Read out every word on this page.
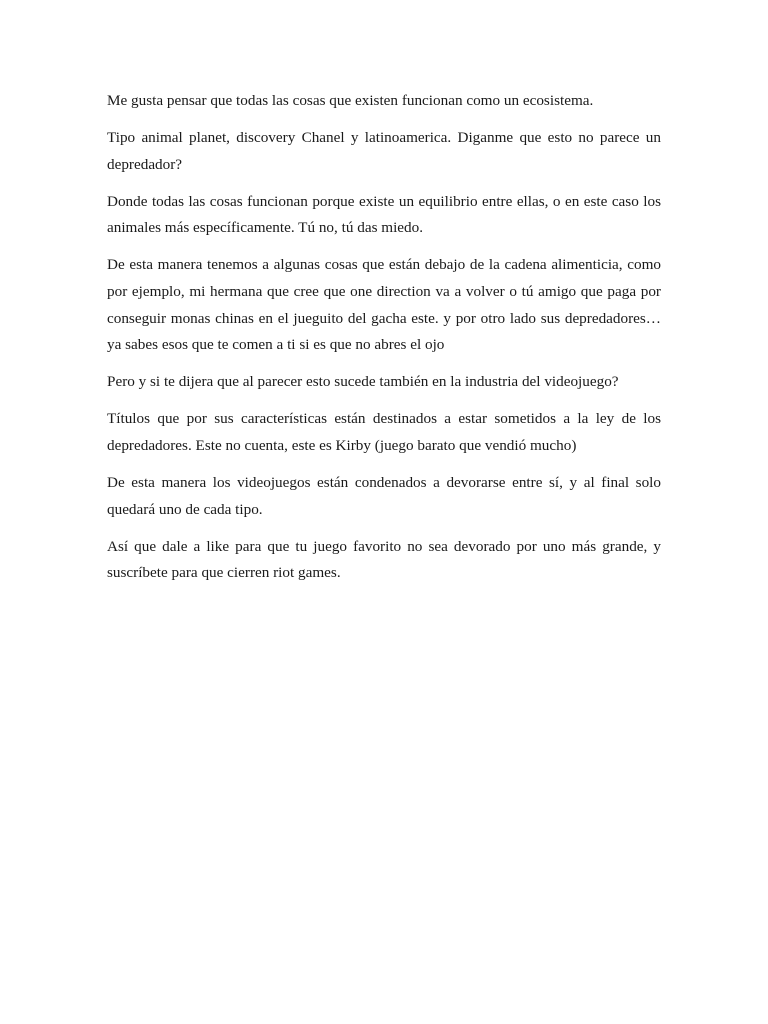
Me gusta pensar que todas las cosas que existen funcionan como un ecosistema.

Tipo animal planet, discovery Chanel y latinoamerica. Diganme que esto no parece un depredador?

Donde todas las cosas funcionan porque existe un equilibrio entre ellas, o en este caso los animales más específicamente. Tú no, tú das miedo.

De esta manera tenemos a algunas cosas que están debajo de la cadena alimenticia, como por ejemplo, mi hermana que cree que one direction va a volver o tú amigo que paga por conseguir monas chinas en el jueguito del gacha este. y por otro lado sus depredadores… ya sabes esos que te comen a ti si es que no abres el ojo

Pero y si te dijera que al parecer esto sucede también en la industria del videojuego?

Títulos que por sus características están destinados a estar sometidos a la ley de los depredadores. Este no cuenta, este es Kirby (juego barato que vendió mucho)

De esta manera los videojuegos están condenados a devorarse entre sí, y al final solo quedará uno de cada tipo.

Así que dale a like para que tu juego favorito no sea devorado por uno más grande, y suscríbete para que cierren riot games.
